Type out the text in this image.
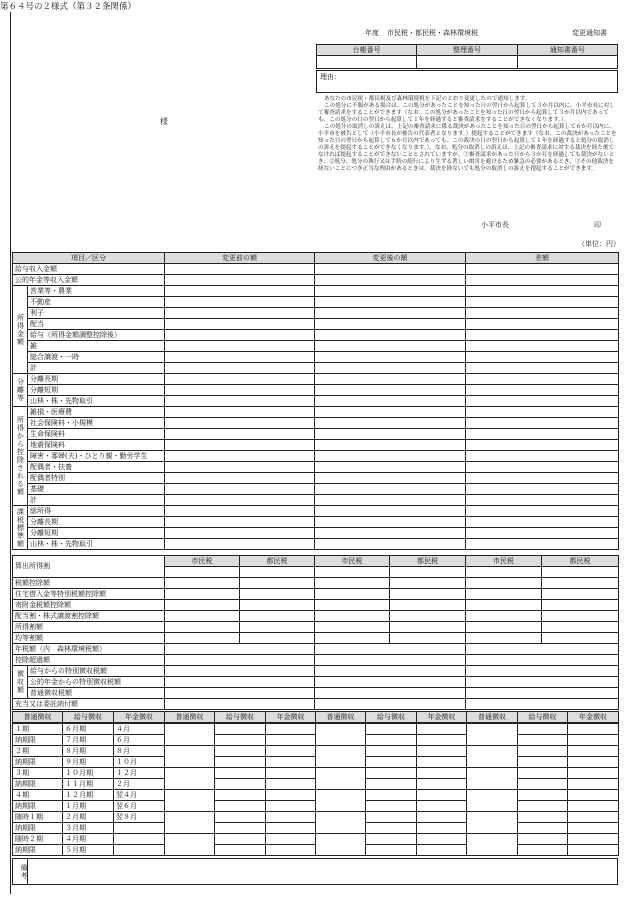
第６４号の２様式（第３２条関係）
年度 市民税・都民税・森林環境税	変更通知書
台帳番号	整理番号	通知書番号

理由：
様

あなたの市民税・都民税及び森林環境税を下記のとおり変更したので通知します。

この処分に不服がある場合は、この処分があったことを知った日の翌日から起算して３か月以内に、小平市長に対して審査請求をすることができます（なお、この処分があったことを知った日の翌日から起算して３か月以内であっても、この処分の日の翌日から起算して１年を経過すると審査請求をすることができなくなります。）。

この処分の取消しの訴えは、上記の審査請求に係る裁決があったことを知った日の翌日から起算して６か月以内に、小平市を被告として（小平市長が被告の代表者となります。）提起することができます（なお、この裁決があったことを知った日の翌日から起算して６か月以内であっても、この裁決の日の翌日から起算して１年を経過すると処分の取消しの訴えを提起することができなくなります。）。なお、処分の取消しの訴えは、上記の審査請求に対する裁決を経た後でなければ提起することができないこととされていますが、①審査請求があった日から３か月を経過しても裁決がないとき、②処分、処分の執行又は手続の続行により生ずる著しい損害を避けるため緊急の必要があるとき、③その他裁決を経ないことにつき正当な理由があるときは、裁決を経ないでも処分の取消しの訴えを提起することができます。

小平市長	印
（単位：円）
項目／区分		変更前の額	変更後の額	差額
給与収入金額				
公的年金等収入金額				
所得金額	営業等・農業			
	不動産			
	利子			
	配当			
	給与（所得金額調整控除後）			
	雑			
	総合譲渡・一時			
	計			
分離等	分離長期			
	分離短期			
	山林・株・先物取引			
所得から控除される額	雑損・医療費			
	社会保険料・小規模			
	生命保険料			
	地震保険料			
	障害・寡婦(夫)・ひとり親・勤労学生			
	配偶者・扶養			
	配偶者特別			
	基礎			
	計			
課税標準額	総所得			
	分離長期			
	分離短期			
	山林・株・先物取引			
算出所得割		市民税	都民税	市民税	都民税	市民税	都民税

税額控除額							
住宅借入金等特別税額控除額							
寄附金税額控除額							
配当割・株式譲渡割控除額							
所得割額							
均等割額							
年税額（内　森林環境税額）							
控除超過額							
徴収額	給与からの特別徴収税額						
	公的年金からの特別徴収税額						
	普通徴収税額						
充当又は委託納付額							
普通徴収	給与徴収	年金徴収	普通徴収	給与徴収	年金徴収	普通徴収	給与徴収	年金徴収	普通徴収	給与徴収	年金徴収
１期	６月期	４月									
納期限	７月期	６月									
２期	８月期	８月									
納期限	９月期	１０月									
３期	１０月期	１２月									
納期限	１１月期	２月									
４期	１２月期	翌４月									
納期限	１月期	翌６月									
随時１期	２月期	翌８月									
納期限	３月期										
随時２期	４月期										
納期限	５月期										
備考
